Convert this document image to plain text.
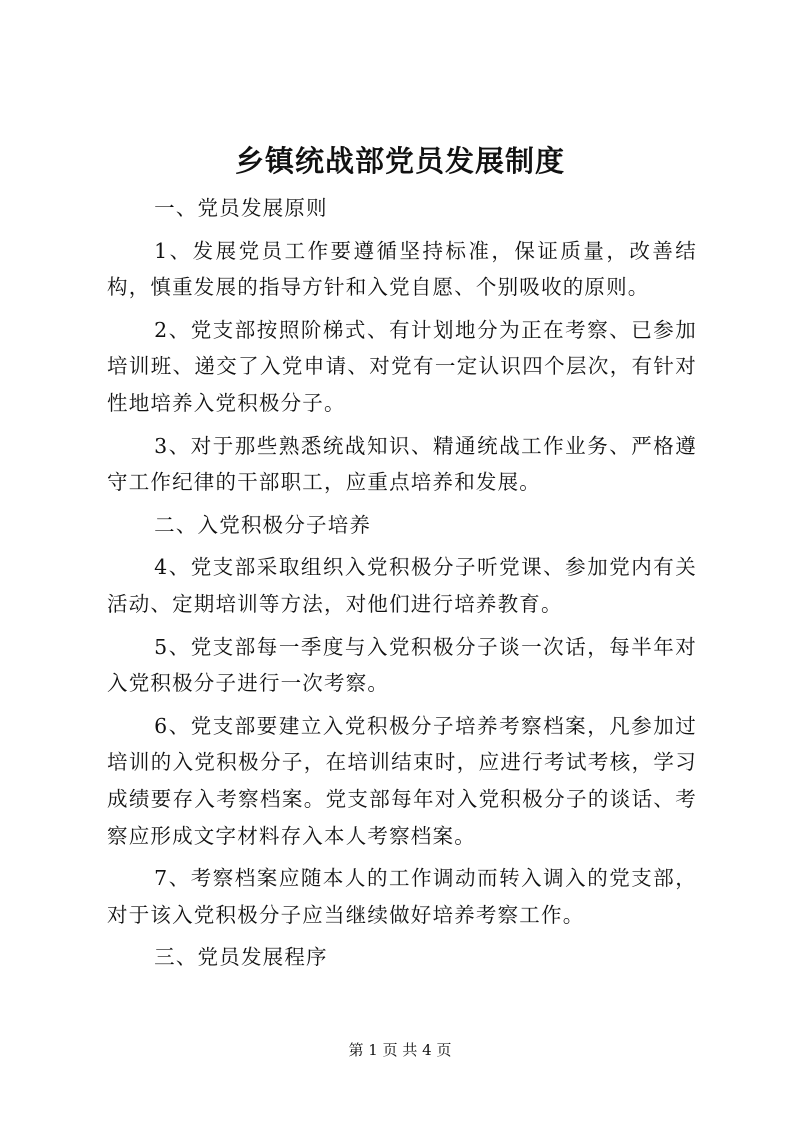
乡镇统战部党员发展制度

一、党员发展原则

1、发展党员工作要遵循坚持标准，保证质量，改善结构，慎重发展的指导方针和入党自愿、个别吸收的原则。

2、党支部按照阶梯式、有计划地分为正在考察、已参加培训班、递交了入党申请、对党有一定认识四个层次，有针对性地培养入党积极分子。

3、对于那些熟悉统战知识、精通统战工作业务、严格遵守工作纪律的干部职工，应重点培养和发展。

二、入党积极分子培养

4、党支部采取组织入党积极分子听党课、参加党内有关活动、定期培训等方法，对他们进行培养教育。

5、党支部每一季度与入党积极分子谈一次话，每半年对入党积极分子进行一次考察。

6、党支部要建立入党积极分子培养考察档案，凡参加过培训的入党积极分子，在培训结束时，应进行考试考核，学习成绩要存入考察档案。党支部每年对入党积极分子的谈话、考察应形成文字材料存入本人考察档案。

7、考察档案应随本人的工作调动而转入调入的党支部，对于该入党积极分子应当继续做好培养考察工作。

三、党员发展程序

第 1 页 共 4 页
